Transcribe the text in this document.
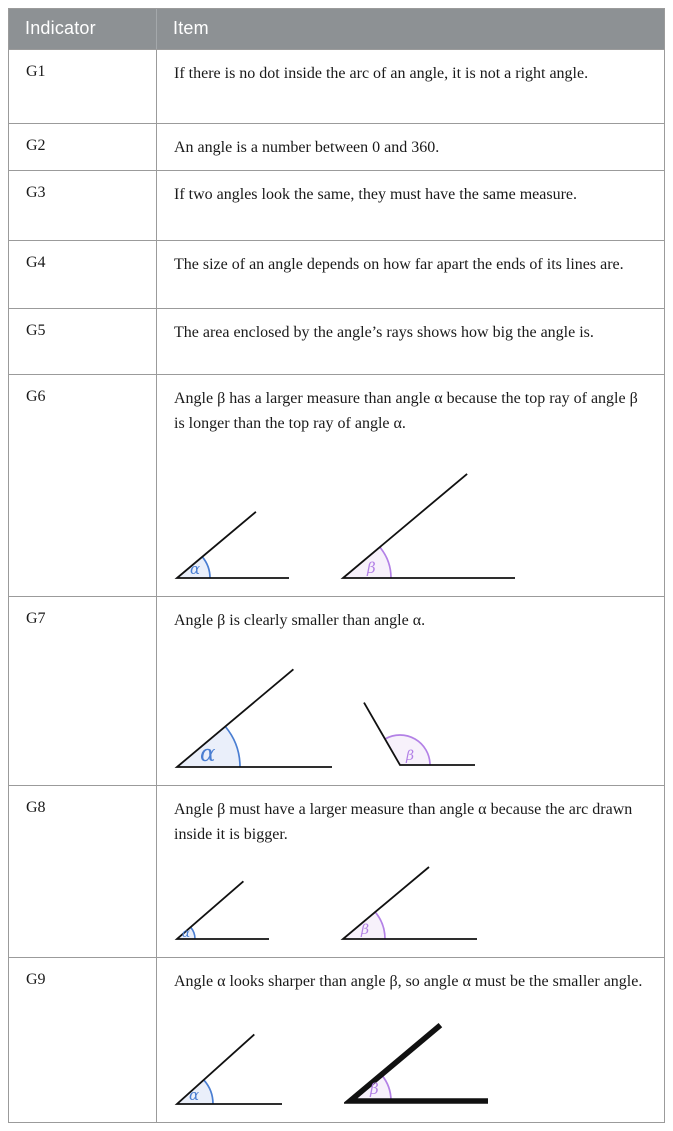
Indicator	Item
G1	If there is no dot inside the arc of an angle, it is not a right angle.
G2	An angle is a number between 0 and 360.
G3	If two angles look the same, they must have the same measure.
G4	The size of an angle depends on how far apart the ends of its lines are.
G5	The area enclosed by the angle’s rays shows how big the angle is.
G6	Angle β has a larger measure than angle α because the top ray of angle β is longer than the top ray of angle α.
α	β
G7	Angle β is clearly smaller than angle α.
α	β
G8	Angle β must have a larger measure than angle α because the arc drawn inside it is bigger.
α	β
G9	Angle α looks sharper than angle β, so angle α must be the smaller angle.
α	β
